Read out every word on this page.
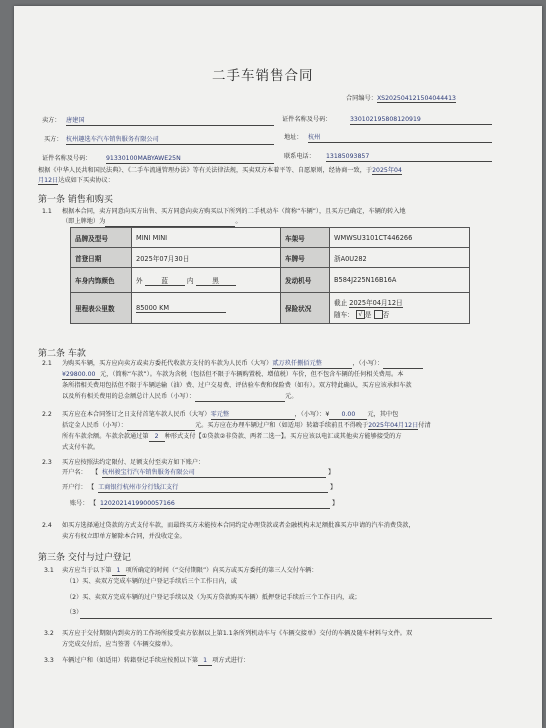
二手车销售合同
合同编号：XS202504121504044413
卖方： 唐建国	证件名称及号码：	330102195808120919
买方： 杭州趣选车汽车销售服务有限公司	地址： 杭州
证件名称及号码： 91330100MABYAWE25N	联系电话： 13185093857
根据《中华人民共和国民法典》、《二手车流通管理办法》等有关法律法规，买卖双方本着平等、自愿原则，经协商一致，于2025年04
月12日达成如下买卖协议：
第一条 销售和购买
1.1 根据本合同，卖方同意向买方出售、买方同意向卖方购买以下所列的二手机动车（简称“车辆”），且买方已确定，车辆的转入地
（即上牌地）为	。
品牌及型号	MINI MINI	车架号	WMWSU3101CT446266
首登日期	2025年07月30日	车牌号	浙A0U282
车身内饰颜色	外 蓝 内 黑	发动机号	B584J225N16B16A
里程表公里数	85000 KM	保险状况	截止 2025年04月12日
随车： √ 是 否
第二条 车款
2.1 为购买车辆，买方应向卖方或卖方委托代收款方支付的车款为人民币（大写）贰万玖仟捌佰元整	，（小写）：
¥29800.00 元，（简称“车款”）。车款为含税（包括但不限于车辆购置税、增值税）车价，但不包含车辆的任何相关费用。本
条所指相关费用包括但不限于车辆运输（油）费、过户交易费、评估验车费和保险费（如有）。双方特此确认，买方应该承担车款
以及所有相关费用的总金额总计人民币（小写）：	元。
2.2 买方应在本合同签订之日支付首笔车款人民币（大写）零元整	，（小写）：¥ 0.00 元，其中包
括定金人民币（小写）：	元。买方应在办理车辆过户和（如适用）转籍手续前且不得晚于2025年04月12日付清
所有车款余额。车款余款通过第 2 种形式支付【①贷款②非贷款、两者二选一】。买方应该以电汇或其他卖方能够接受的方
式支付车款。
2.3 买方应按照法约定限付、足额支付至卖方如下账户：
开户名： 【 杭州骏宝行汽车销售服务有限公司	】
开户行： 【 工商银行杭州市分行钱江支行	】
账号： 【 1202021419900057166	】
2.4 如买方选择通过贷款的方式支付车款，而最终买方未能按本合同约定办理贷款或者金融机构未足额批准买方申请的汽车消费贷款，
卖方有权立即单方解除本合同，并没收定金。
第三条 交付与过户登记
3.1 卖方应当于以下第 1 项所确定的时间（“交付期限”）向买方或买方委托的第三人交付车辆：
（1）买、卖双方完成车辆的过户登记手续后三个工作日内，或
（2）买、卖双方完成车辆的过户登记手续以及（为买方贷款购买车辆）抵押登记手续后三个工作日内，或；
（3）
3.2 买方应于交付期限内到卖方的工作场所接受卖方依据以上第1.1条所列机动车与《车辆交接单》交付的车辆及随车材料与文件。双
方完成交付后，应当签署《车辆交接单》。
3.3 车辆过户和（如适用）转籍登记手续应按照以下第 1 项方式进行：
